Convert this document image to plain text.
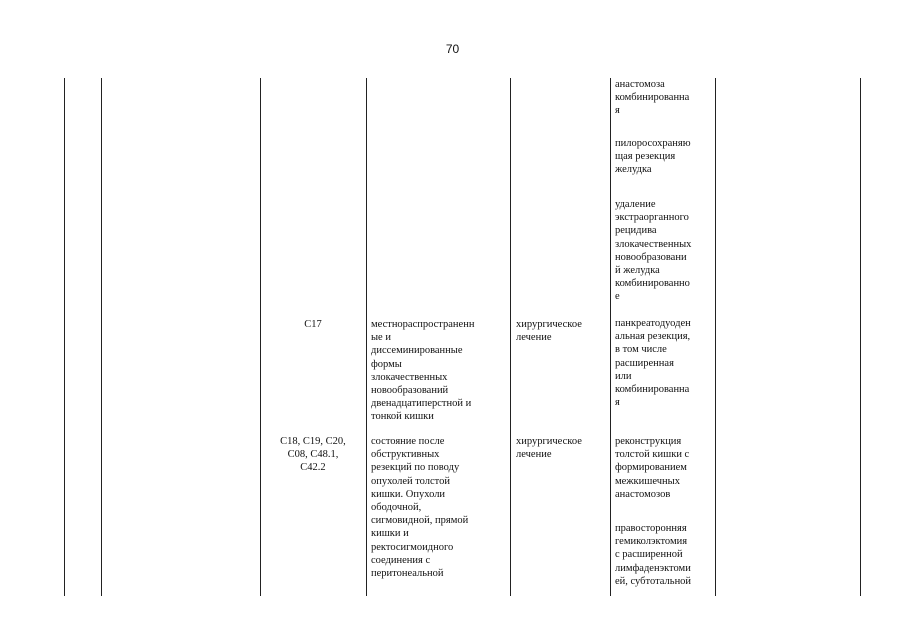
70
анастомоза
комбинированна
я
пилоросохраняю
щая резекция
желудка
удаление
экстраорганного
рецидива
злокачественных
новообразовани
й желудка
комбинированно
е
панкреатодуоден
альная резекция,
в том числе
расширенная
или
комбинированна
я
реконструкция
толстой кишки с
формированием
межкишечных
анастомозов
правосторонняя
гемиколэктомия
с расширенной
лимфаденэктоми
ей, субтотальной
C17	местнораспространенн
ые и
диссеминированные
формы
злокачественных
новообразований
двенадцатиперстной и
тонкой кишки
хирургическое
лечение
C18, C19, C20,
C08, C48.1,
C42.2
состояние после
обструктивных
резекций по поводу
опухолей толстой
кишки. Опухоли
ободочной,
сигмовидной, прямой
кишки и
ректосигмоидного
соединения с
перитонеальной
хирургическое
лечение
